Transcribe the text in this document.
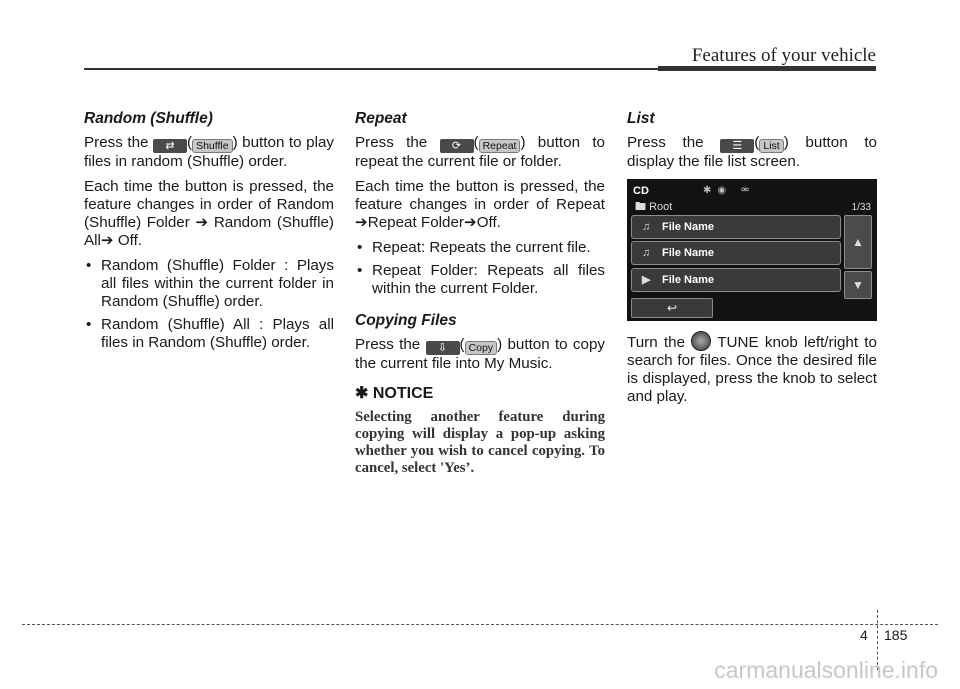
Features of your vehicle
Random (Shuffle)

Press the ⇄ ( Shuffle ) button to play files in random (Shuffle) order.

Each time the button is pressed, the feature changes in order of Random (Shuffle) Folder ➔ Random (Shuffle) All➔ Off.

• Random (Shuffle) Folder : Plays all files within the current folder in Random (Shuffle) order.
• Random (Shuffle) All : Plays all files in Random (Shuffle) order.
Repeat

Press the ⟳ ( Repeat ) button to repeat the current file or folder.

Each time the button is pressed, the feature changes in order of Repeat ➔Repeat Folder➔Off.

• Repeat: Repeats the current file.
• Repeat Folder: Repeats all files within the current Folder.
Copying Files

Press the ⇩ ( Copy ) button to copy the current file into My Music.

✱ NOTICE
Selecting another feature during copying will display a pop-up asking whether you wish to cancel copying. To cancel, select 'Yes’.
List

Press the	☰ ( List ) button to display the file list screen.

CD	✱◉ ⚮
🖿 Root	1/33
♫ File Name
♫ File Name
▶ File Name
▲
▼
↩

Turn the TUNE knob left/right to search for files. Once the desired file is displayed, press the knob to select and play.

4 185
carmanualsonline.info
